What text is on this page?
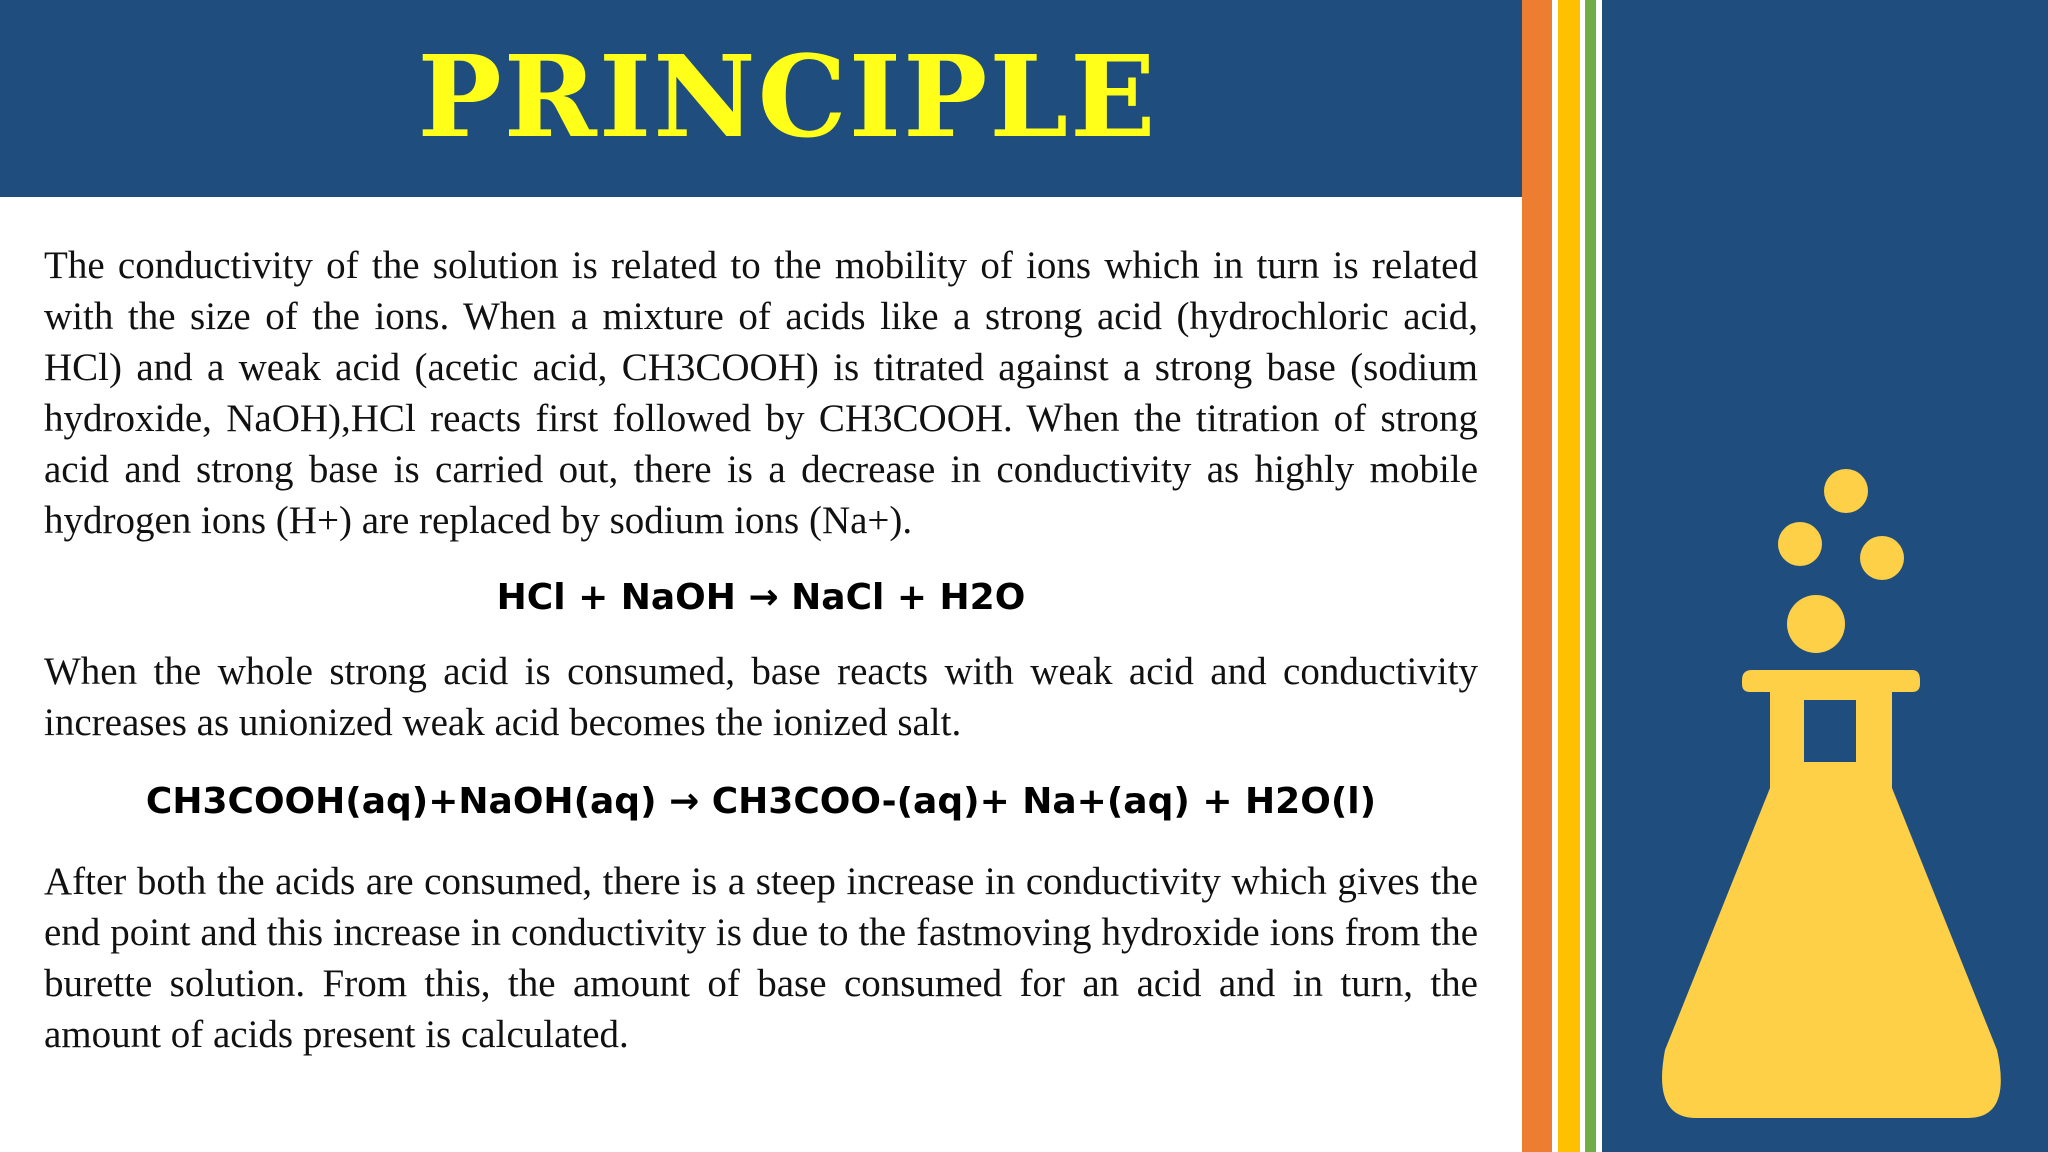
PRINCIPLE

The conductivity of the solution is related to the mobility of ions which in turn is related with the size of the ions. When a mixture of acids like a strong acid (hydrochloric acid, HCl) and a weak acid (acetic acid, CH3COOH) is titrated against a strong base (sodium hydroxide, NaOH),HCl reacts first followed by CH3COOH. When the titration of strong acid and strong base is carried out, there is a decrease in conductivity as highly mobile hydrogen ions (H+) are replaced by sodium ions (Na+).

HCl + NaOH → NaCl + H2O

When the whole strong acid is consumed, base reacts with weak acid and conductivity increases as unionized weak acid becomes the ionized salt.

CH3COOH(aq)+NaOH(aq) → CH3COO-(aq)+ Na+(aq) + H2O(l)

After both the acids are consumed, there is a steep increase in conductivity which gives the end point and this increase in conductivity is due to the fastmoving hydroxide ions from the burette solution. From this, the amount of base consumed for an acid and in turn, the amount of acids present is calculated.
